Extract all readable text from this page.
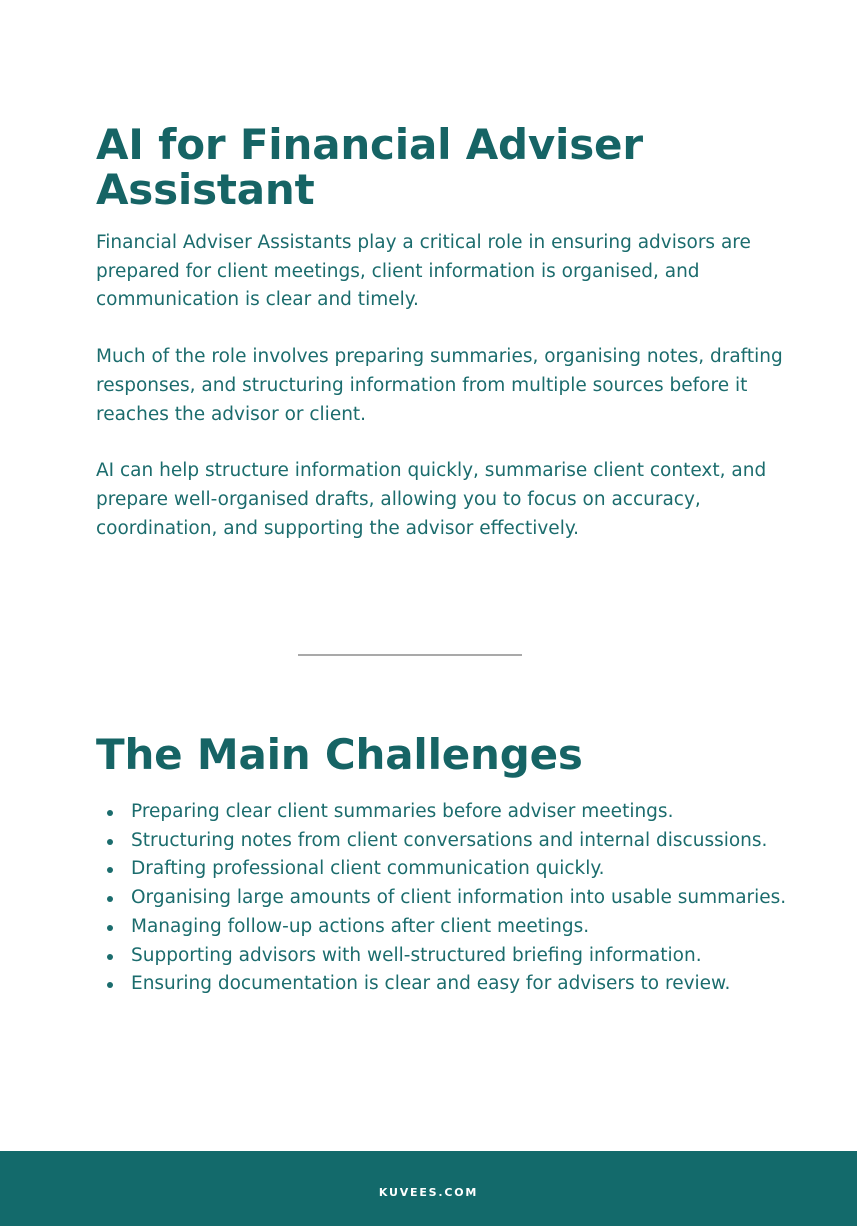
AI for Financial Adviser Assistant

Financial Adviser Assistants play a critical role in ensuring advisors are prepared for client meetings, client information is organised, and communication is clear and timely.

Much of the role involves preparing summaries, organising notes, drafting responses, and structuring information from multiple sources before it reaches the advisor or client.

AI can help structure information quickly, summarise client context, and prepare well-organised drafts, allowing you to focus on accuracy, coordination, and supporting the advisor effectively.

The Main Challenges
Preparing clear client summaries before adviser meetings.
Structuring notes from client conversations and internal discussions.
Drafting professional client communication quickly.
Organising large amounts of client information into usable summaries.
Managing follow-up actions after client meetings.
Supporting advisors with well-structured briefing information.
Ensuring documentation is clear and easy for advisers to review.
KUVEES.COM
